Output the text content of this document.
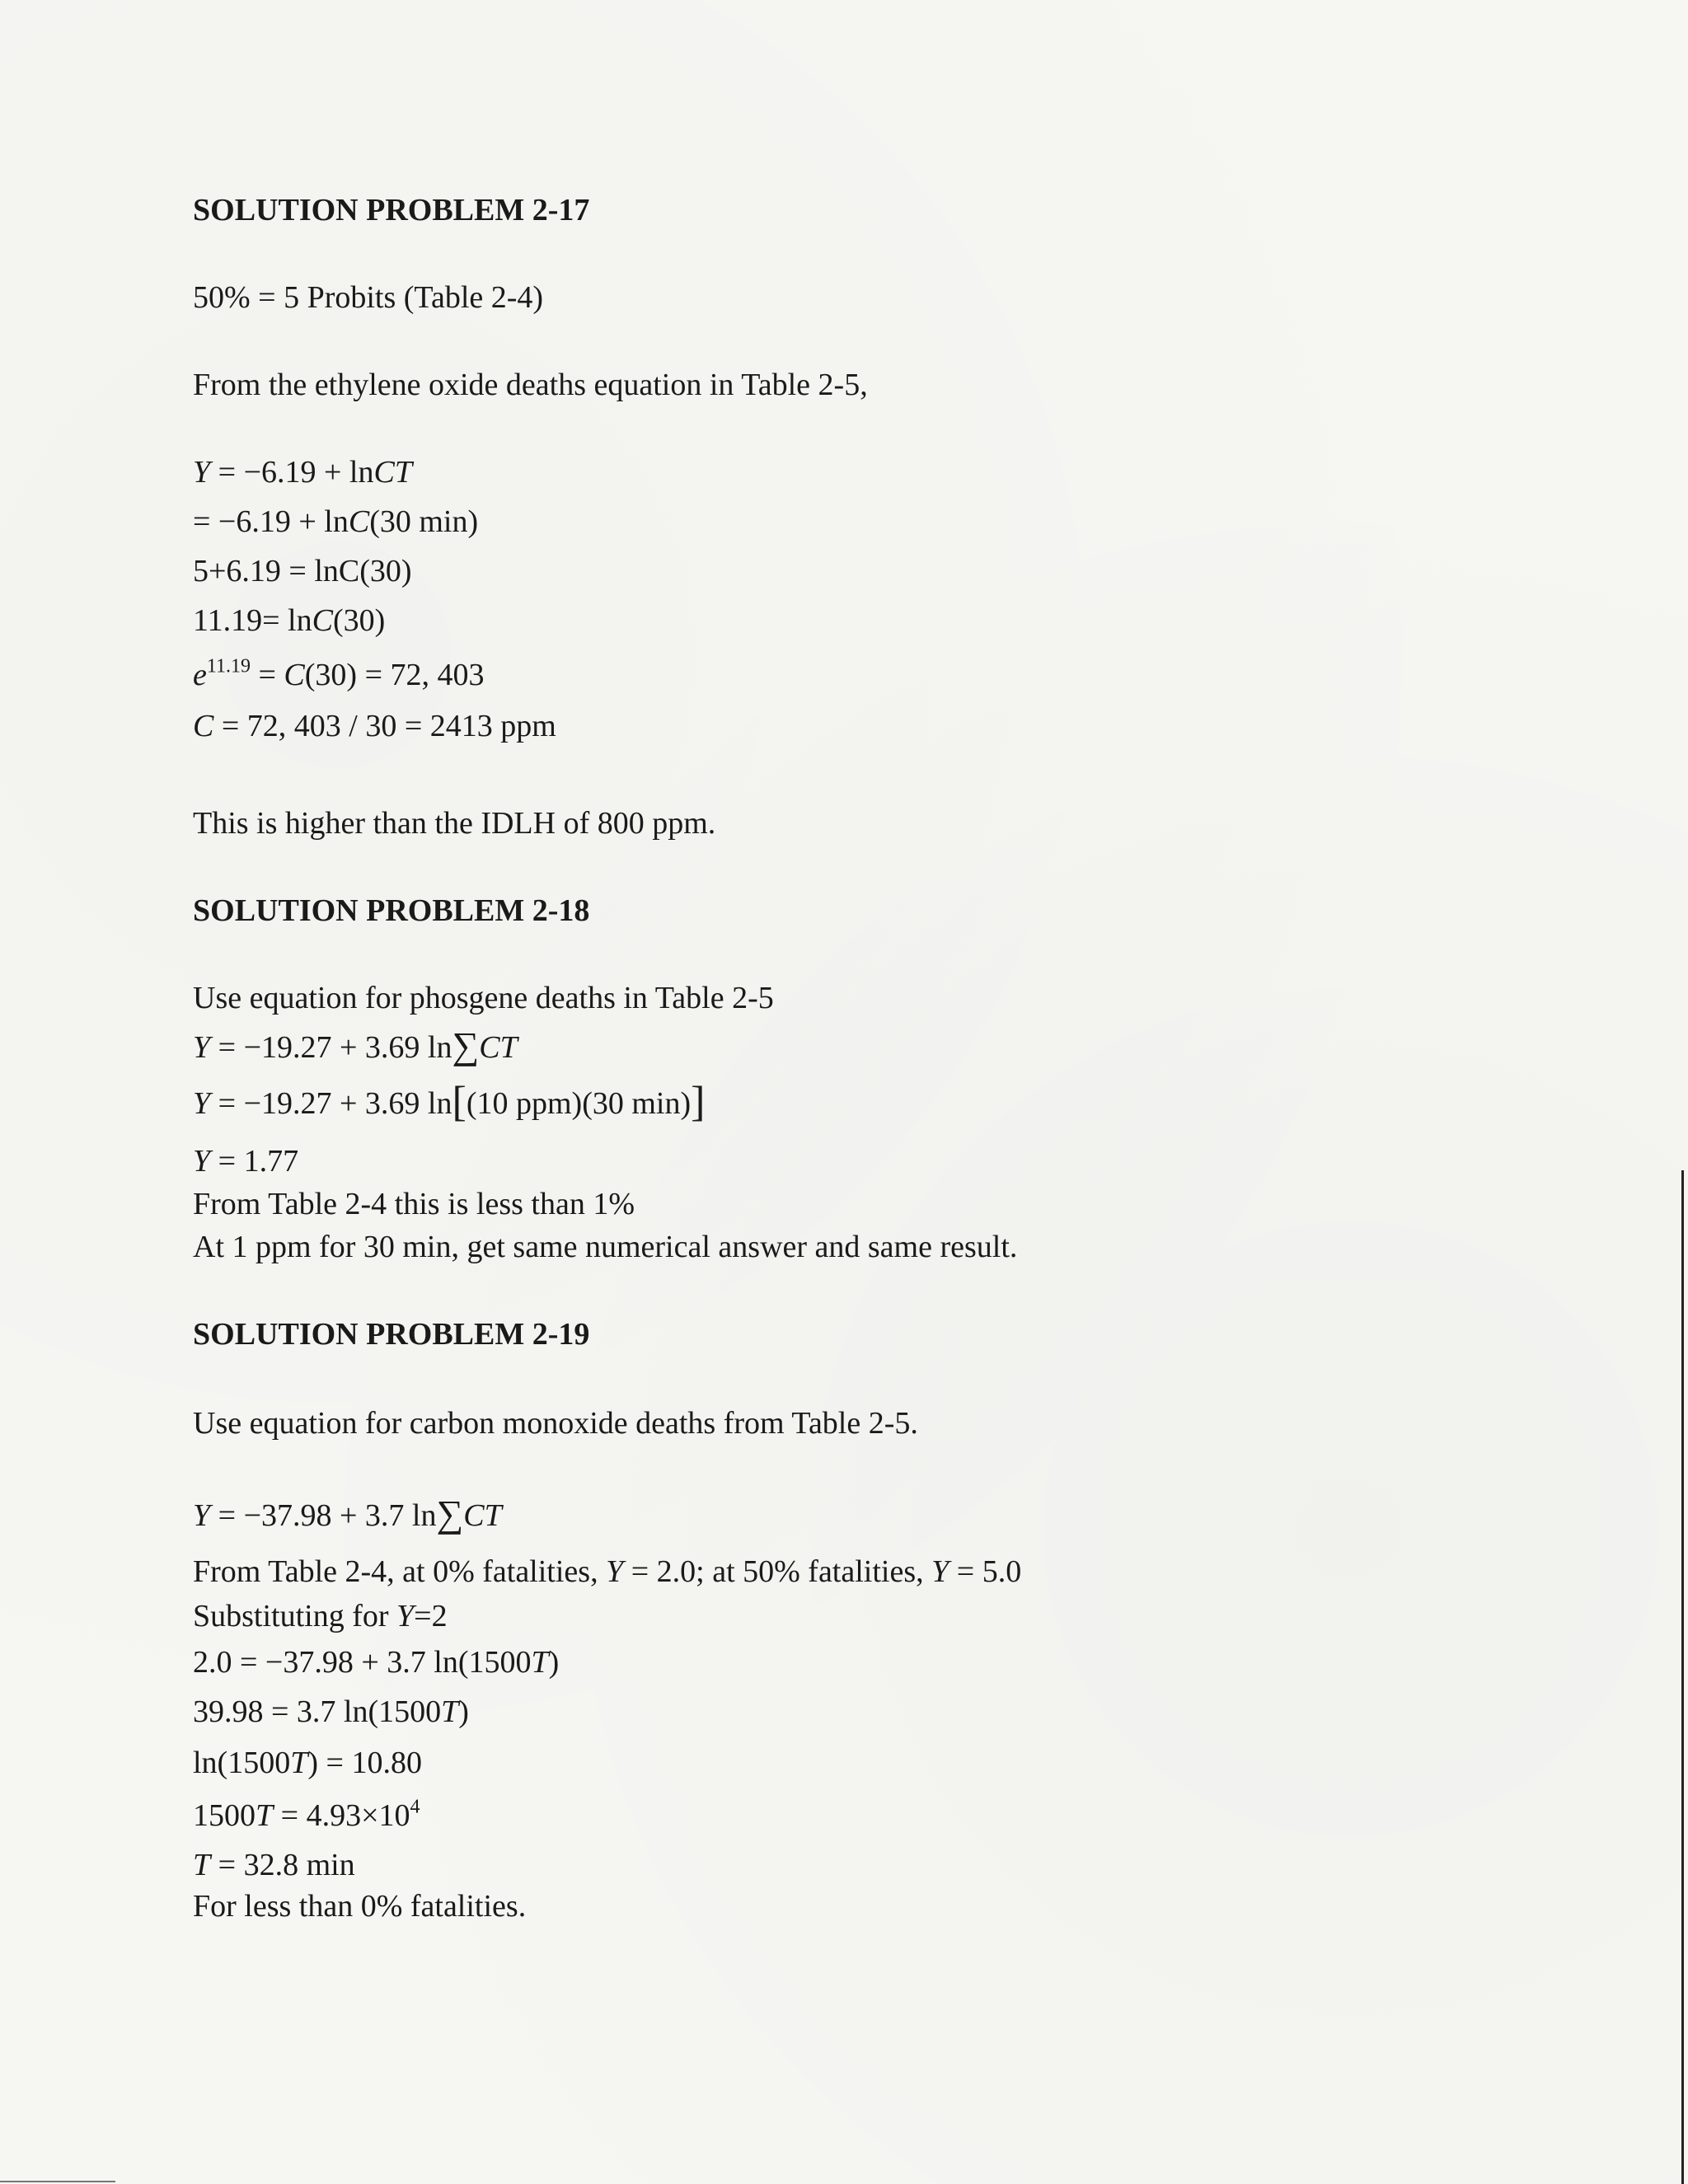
SOLUTION PROBLEM 2-17
50% = 5 Probits (Table 2-4)
From the ethylene oxide deaths equation in Table 2-5,
Y = −6.19 + lnCT
= −6.19 + lnC(30 min)
5+6.19 = lnC(30)
11.19= lnC(30)
$e^{11.19} = C(30) = 72$, 403
C = 72, 403 / 30 = 2413 ppm
This is higher than the IDLH of 800 ppm.
SOLUTION PROBLEM 2-18
Use equation for phosgene deaths in Table 2-5
Y = −19.27 + 3.69 ln∑CT
Y = −19.27 + 3.69 ln[(10 ppm)(30 min)]
Y = 1.77
From Table 2-4 this is less than 1%
At 1 ppm for 30 min, get same numerical answer and same result.
SOLUTION PROBLEM 2-19
Use equation for carbon monoxide deaths from Table 2-5.
Y = −37.98 + 3.7 ln∑CT
From Table 2-4, at 0% fatalities, Y = 2.0; at 50% fatalities, Y = 5.0
Substituting for Y=2
2.0 = −37.98 + 3.7 ln(1500T)
39.98 = 3.7 ln(1500T)
ln(1500T) = 10.80
$1500T = 4.93\times 10^4$
T = 32.8 min
For less than 0% fatalities.
